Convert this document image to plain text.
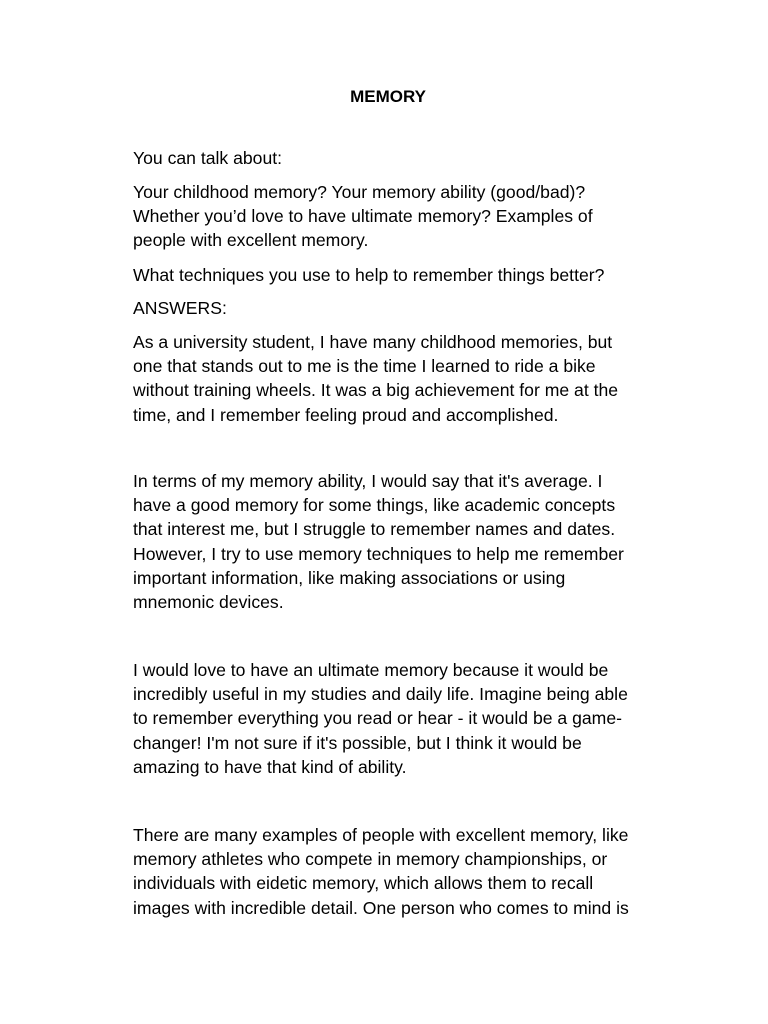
MEMORY

You can talk about:

Your childhood memory? Your memory ability (good/bad)?
Whether you’d love to have ultimate memory? Examples of
people with excellent memory.

What techniques you use to help to remember things better?

ANSWERS:

As a university student, I have many childhood memories, but
one that stands out to me is the time I learned to ride a bike
without training wheels. It was a big achievement for me at the
time, and I remember feeling proud and accomplished.

In terms of my memory ability, I would say that it's average. I
have a good memory for some things, like academic concepts
that interest me, but I struggle to remember names and dates.
However, I try to use memory techniques to help me remember
important information, like making associations or using
mnemonic devices.

I would love to have an ultimate memory because it would be
incredibly useful in my studies and daily life. Imagine being able
to remember everything you read or hear - it would be a game-
changer! I'm not sure if it's possible, but I think it would be
amazing to have that kind of ability.

There are many examples of people with excellent memory, like
memory athletes who compete in memory championships, or
individuals with eidetic memory, which allows them to recall
images with incredible detail. One person who comes to mind is
